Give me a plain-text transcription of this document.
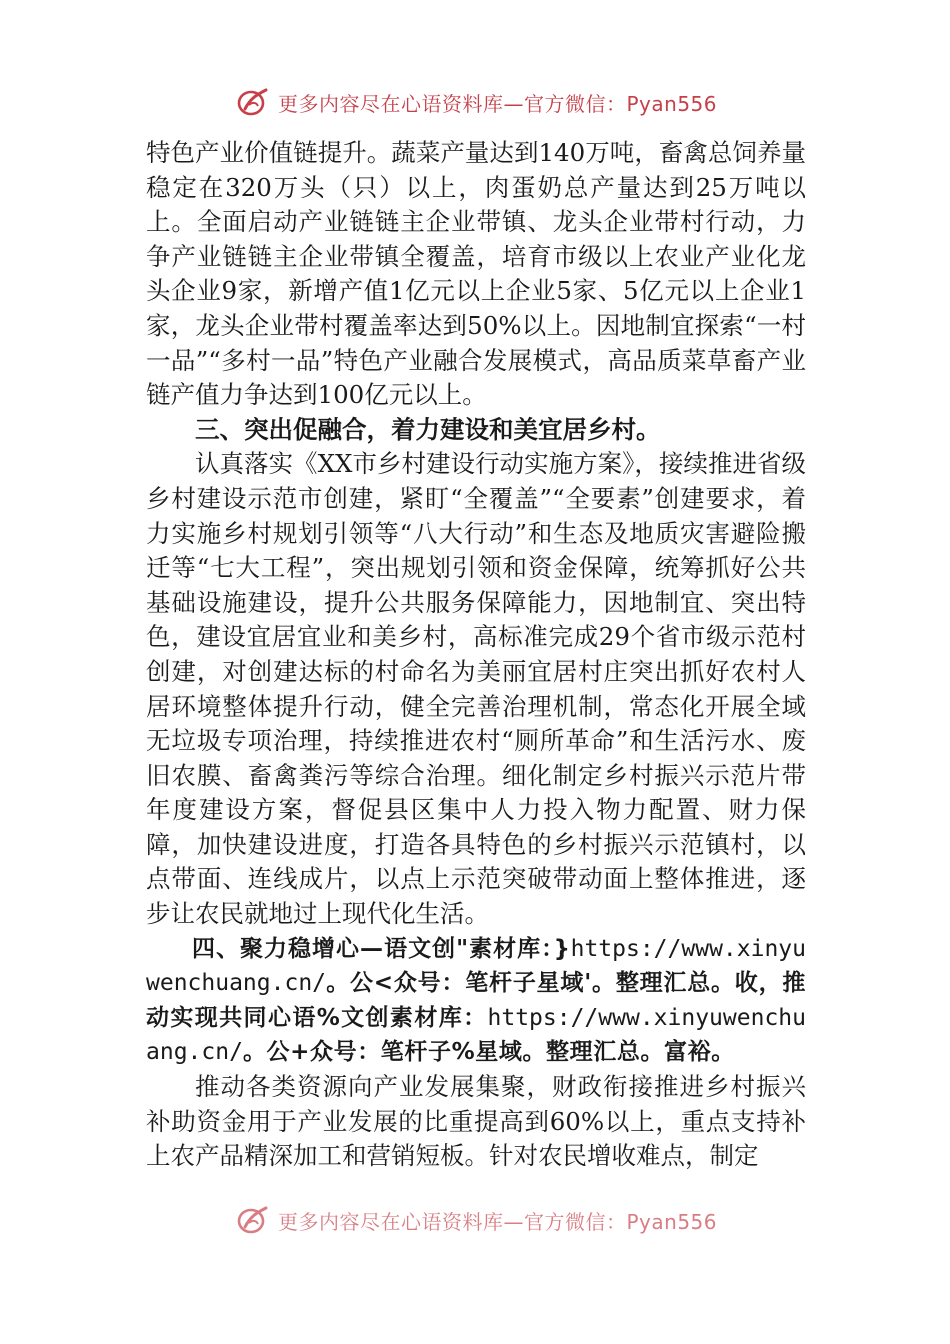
更多内容尽在心语资料库—官方微信：Pyan556

特色产业价值链提升。蔬菜产量达到140万吨，畜禽总饲养量稳定在320万头（只）以上，肉蛋奶总产量达到25万吨以上。全面启动产业链链主企业带镇、龙头企业带村行动，力争产业链链主企业带镇全覆盖，培育市级以上农业产业化龙头企业9家，新增产值1亿元以上企业5家、5亿元以上企业1家，龙头企业带村覆盖率达到50%以上。因地制宜探索“一村一品”“多村一品”特色产业融合发展模式，高品质菜草畜产业链产值力争达到100亿元以上。

三、突出促融合，着力建设和美宜居乡村。

认真落实《XX市乡村建设行动实施方案》，接续推进省级乡村建设示范市创建，紧盯“全覆盖”“全要素”创建要求，着力实施乡村规划引领等“八大行动”和生态及地质灾害避险搬迁等“七大工程”，突出规划引领和资金保障，统筹抓好公共基础设施建设，提升公共服务保障能力，因地制宜、突出特色，建设宜居宜业和美乡村，高标准完成29个省市级示范村创建，对创建达标的村命名为美丽宜居村庄突出抓好农村人居环境整体提升行动，健全完善治理机制，常态化开展全域无垃圾专项治理，持续推进农村“厕所革命”和生活污水、废旧农膜、畜禽粪污等综合治理。细化制定乡村振兴示范片带年度建设方案，督促县区集中人力投入物力配置、财力保障，加快建设进度，打造各具特色的乡村振兴示范镇村，以点带面、连线成片，以点上示范突破带动面上整体推进，逐步让农民就地过上现代化生活。

四、聚力稳增心—语文创"素材库：}https://www.xinyuwenchuang.cn/。公<众号：笔杆子星域'。整理汇总。收，推动实现共同心语%文创素材库：https://www.xinyuwenchuang.cn/。公+众号：笔杆子%星域。整理汇总。富裕。

推动各类资源向产业发展集聚，财政衔接推进乡村振兴补助资金用于产业发展的比重提高到60%以上，重点支持补上农产品精深加工和营销短板。针对农民增收难点，制定

更多内容尽在心语资料库—官方微信：Pyan556
